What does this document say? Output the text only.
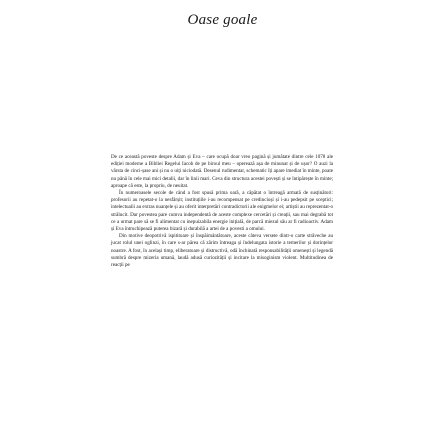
Oase goale

De ce această poveste despre Adam și Eva – care ocupă doar vreo pagină și jumătate dintre cele 1078 ale ediției moderne a Bibliei Regelui Iacob de pe biroul meu – operează așa de minunat și de ușor? O auzi la vârsta de cinci-șase ani și nu o uiți niciodată. Desenul rudimentar, schematic îți apare imediat în minte, poate nu până în cele mai mici detalii, dar în linii mari. Ceva din structura acestei povești și se întipărește în minte; aproape că este, la propriu, de neuitat.

În numeroasele secole de când a fost spusă prima oară, a căpătat o întreagă armată de susținători: profesorii au repetat-o la nesfârșit; instituțiile i-au recompensat pe credincioși și i-au pedepsit pe sceptici; intelectualii au extras nuanțele și au oferit interpretări contradictorii ale enigmelor ei; artiștii au reprezentat-o strălucit. Dar povestea pare cumva independentă de aceste complexe cercetări și creații, sau mai degrabă tot ce a urmat pare să se fi alimentat cu inepuizabila energie inițială, de parcă miezul său ar fi radioactiv. Adam și Eva întruchipează puterea bizară și durabilă a artei de a povesti a omului.

Din motive deopotrivă ispititoare și înspăimântătoare, aceste câteva versete dintr-o carte străveche au jucat rolul unei oglinzi, în care s-ar părea că zărim întreaga și îndelungata istorie a temerilor și dorințelor noastre. A fost, în același timp, eliberatoare și distructivă, odă închinată responsabilității omenești și legendă sumbră despre mizeria umană, laudă adusă curiozității și incitare la misoginism violent. Multitudinea de reacții pe
